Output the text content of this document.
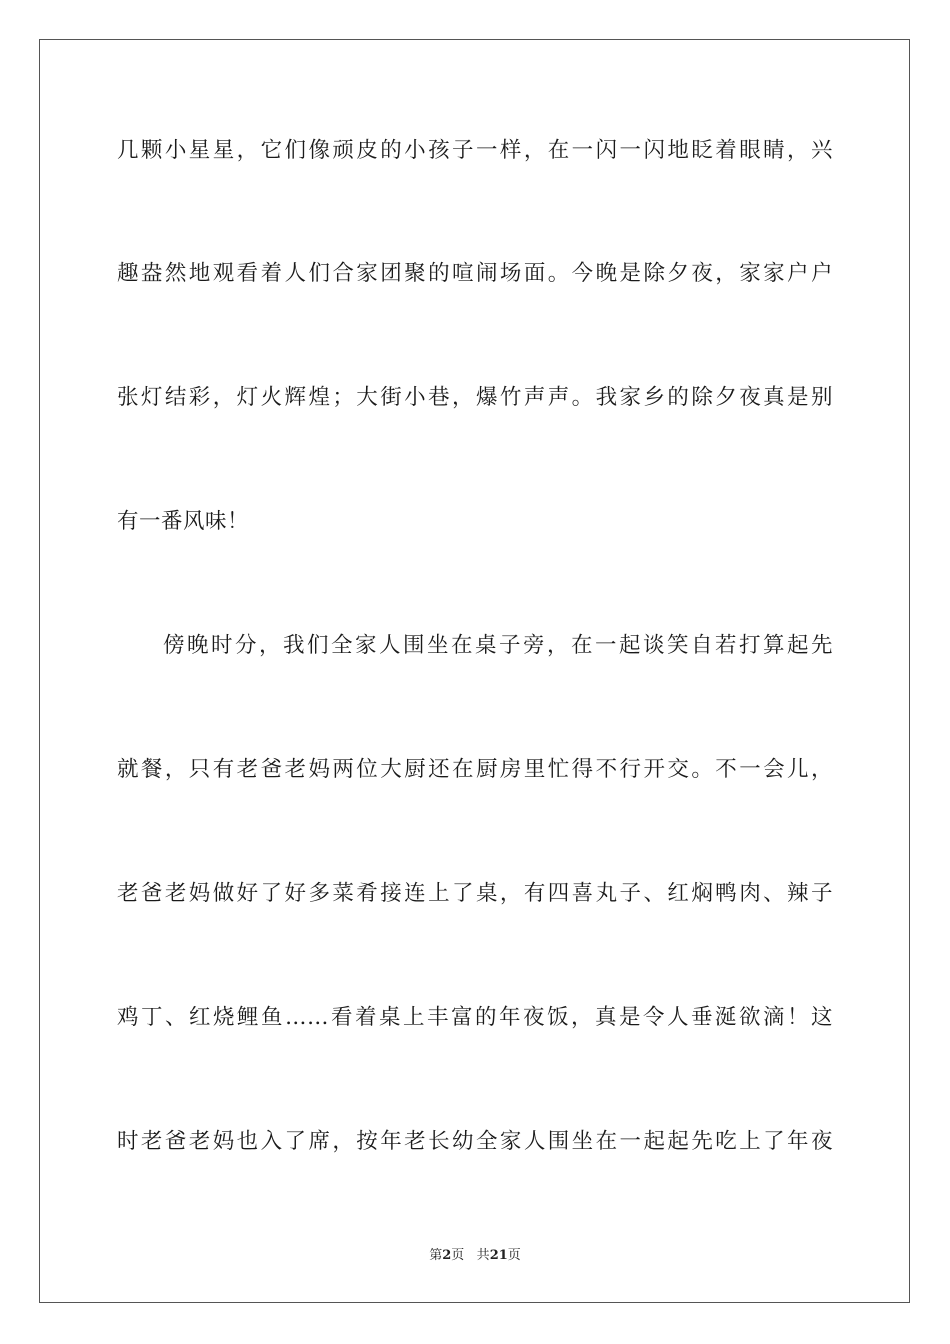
几颗小星星，它们像顽皮的小孩子一样，在一闪一闪地眨着眼睛，兴
趣盎然地观看着人们合家团聚的喧闹场面。今晚是除夕夜，家家户户
张灯结彩，灯火辉煌；大街小巷，爆竹声声。我家乡的除夕夜真是别
有一番风味！
傍晚时分，我们全家人围坐在桌子旁，在一起谈笑自若打算起先
就餐，只有老爸老妈两位大厨还在厨房里忙得不行开交。不一会儿，
老爸老妈做好了好多菜肴接连上了桌，有四喜丸子、红焖鸭肉、辣子
鸡丁、红烧鲤鱼……看着桌上丰富的年夜饭，真是令人垂涎欲滴！这
时老爸老妈也入了席，按年老长幼全家人围坐在一起起先吃上了年夜
第2页 共21页
